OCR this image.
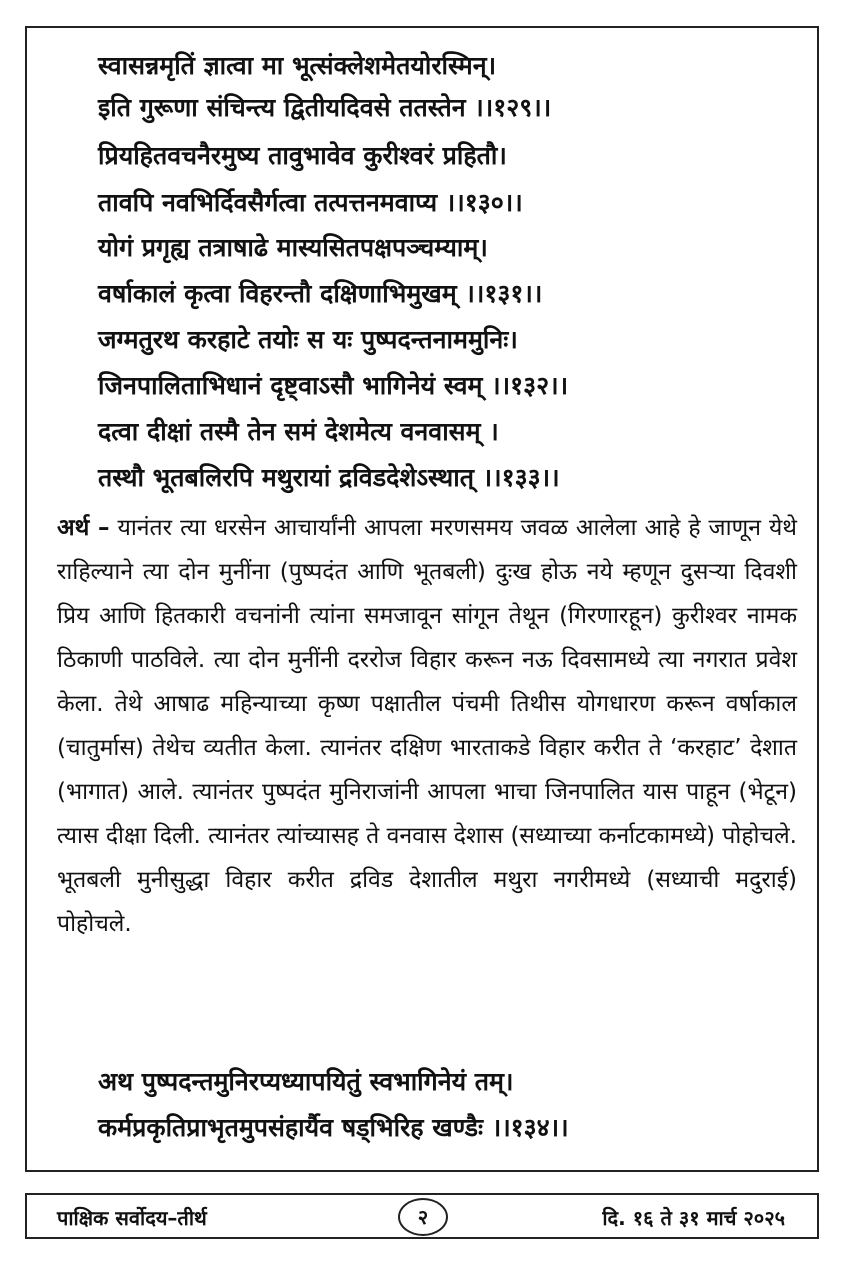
स्वासन्नमृतिं ज्ञात्वा मा भूत्संक्लेशमेतयोरस्मिन्।
इति गुरूणा संचिन्त्य द्वितीयदिवसे ततस्तेन ।।१२९।।
प्रियहितवचनैरमुष्य तावुभावेव कुरीश्वरं प्रहितौ।
तावपि नवभिर्दिवसैर्गत्वा तत्पत्तनमवाप्य ।।१३०।।
योगं प्रगृह्य तत्राषाढे मास्यसितपक्षपञ्चम्याम्।
वर्षाकालं कृत्वा विहरन्तौ दक्षिणाभिमुखम् ।।१३१।।
जग्मतुरथ करहाटे तयोः स यः पुष्पदन्तनाममुनिः।
जिनपालिताभिधानं दृष्ट्वाऽसौ भागिनेयं स्वम् ।।१३२।।
दत्वा दीक्षां तस्मै तेन समं देशमेत्य वनवासम् ।
तस्थौ भूतबलिरपि मथुरायां द्रविडदेशेऽस्थात् ।।१३३।।
अर्थ – यानंतर त्या धरसेन आचार्यांनी आपला मरणसमय जवळ आलेला आहे हे जाणून येथे राहिल्याने त्या दोन मुनींना (पुष्पदंत आणि भूतबली) दुःख होऊ नये म्हणून दुसऱ्या दिवशी प्रिय आणि हितकारी वचनांनी त्यांना समजावून सांगून तेथून (गिरणारहून) कुरीश्वर नामक ठिकाणी पाठविले. त्या दोन मुनींनी दररोज विहार करून नऊ दिवसामध्ये त्या नगरात प्रवेश केला. तेथे आषाढ महिन्याच्या कृष्ण पक्षातील पंचमी तिथीस योगधारण करून वर्षाकाल (चातुर्मास) तेथेच व्यतीत केला. त्यानंतर दक्षिण भारताकडे विहार करीत ते ‘करहाट’ देशात (भागात) आले. त्यानंतर पुष्पदंत मुनिराजांनी आपला भाचा जिनपालित यास पाहून (भेटून) त्यास दीक्षा दिली. त्यानंतर त्यांच्यासह ते वनवास देशास (सध्याच्या कर्नाटकामध्ये) पोहोचले. भूतबली मुनीसुद्धा विहार करीत द्रविड देशातील मथुरा नगरीमध्ये (सध्याची मदुराई) पोहोचले.
अथ पुष्पदन्तमुनिरप्यध्यापयितुं स्वभागिनेयं तम्।
कर्मप्रकृतिप्राभृतमुपसंहार्यैव षड्भिरिह खण्डैः ।।१३४।।
पाक्षिक सर्वोदय–तीर्थ	२	दि. १६ ते ३१ मार्च २०२५
